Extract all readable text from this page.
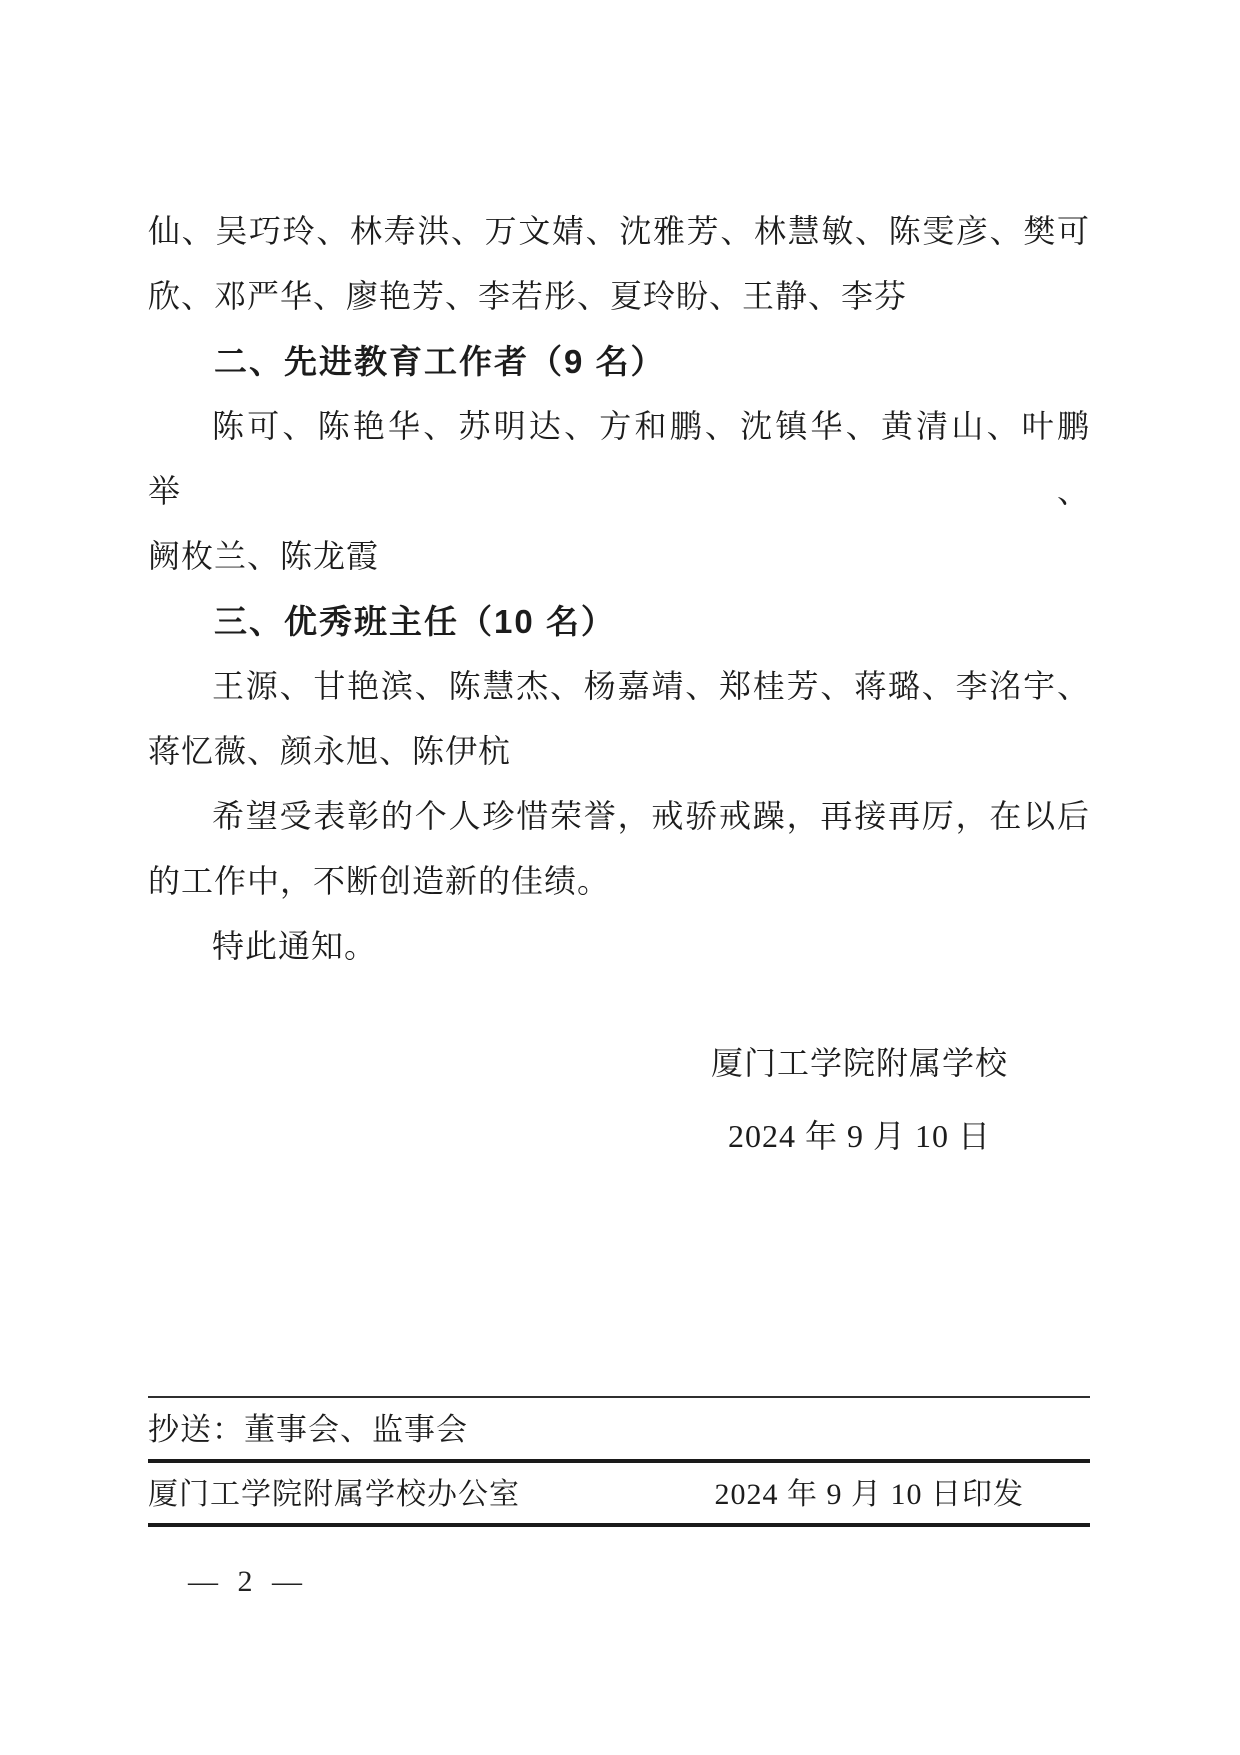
仙、吴巧玲、林寿洪、万文婧、沈雅芳、林慧敏、陈雯彦、樊可

欣、邓严华、廖艳芳、李若彤、夏玲盼、王静、李芬

二、先进教育工作者（9 名）

陈可、陈艳华、苏明达、方和鹏、沈镇华、黄清山、叶鹏举、

阙枚兰、陈龙霞

三、优秀班主任（10 名）

王源、甘艳滨、陈慧杰、杨嘉靖、郑桂芳、蒋璐、李洺宇、

蒋忆薇、颜永旭、陈伊杭

希望受表彰的个人珍惜荣誉，戒骄戒躁，再接再厉，在以后

的工作中，不断创造新的佳绩。

特此通知。

厦门工学院附属学校
2024 年 9 月 10 日
抄送：董事会、监事会
厦门工学院附属学校办公室	2024 年 9 月 10 日印发
— 2 —
